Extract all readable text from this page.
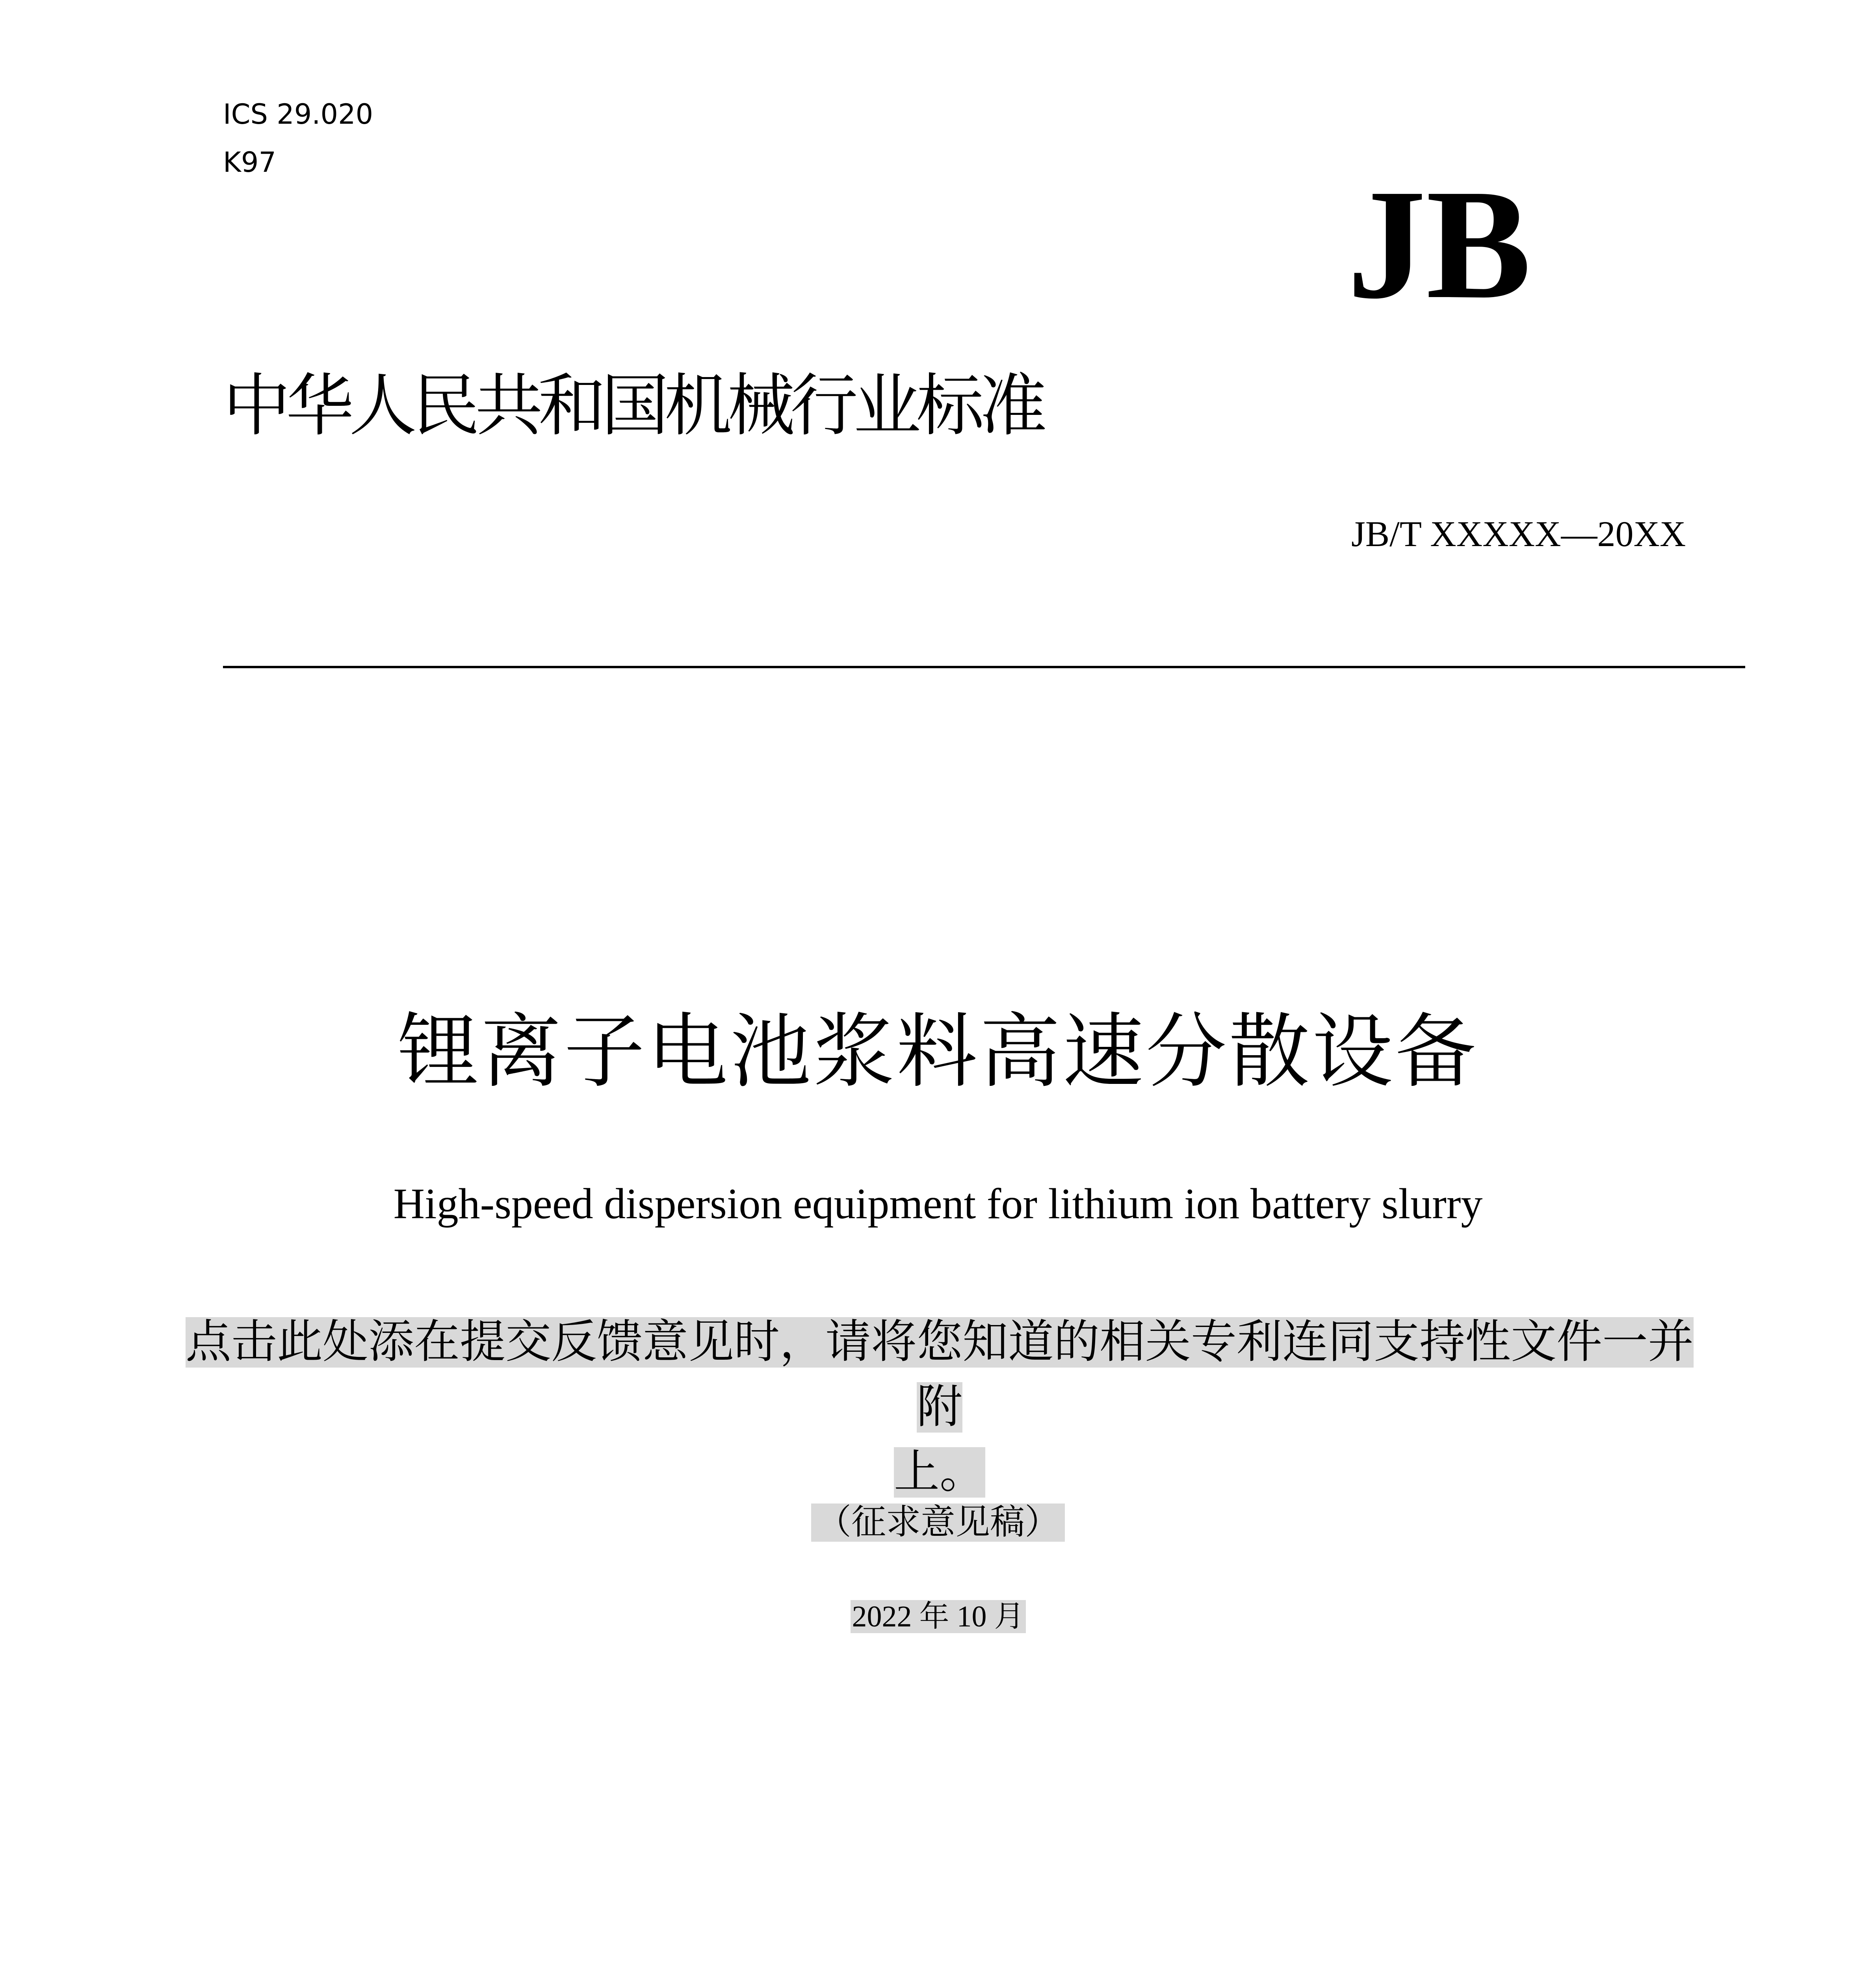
ICS 29.020
K97	JB
中华人民共和国机械行业标准
JB/T XXXXX—20XX
锂离子电池浆料高速分散设备
High-speed dispersion equipment for lithium ion battery slurry
点击此处添在提交反馈意见时，请将您知道的相关专利连同支持性文件一并附
上。
（征求意见稿）
2022 年 10 月
